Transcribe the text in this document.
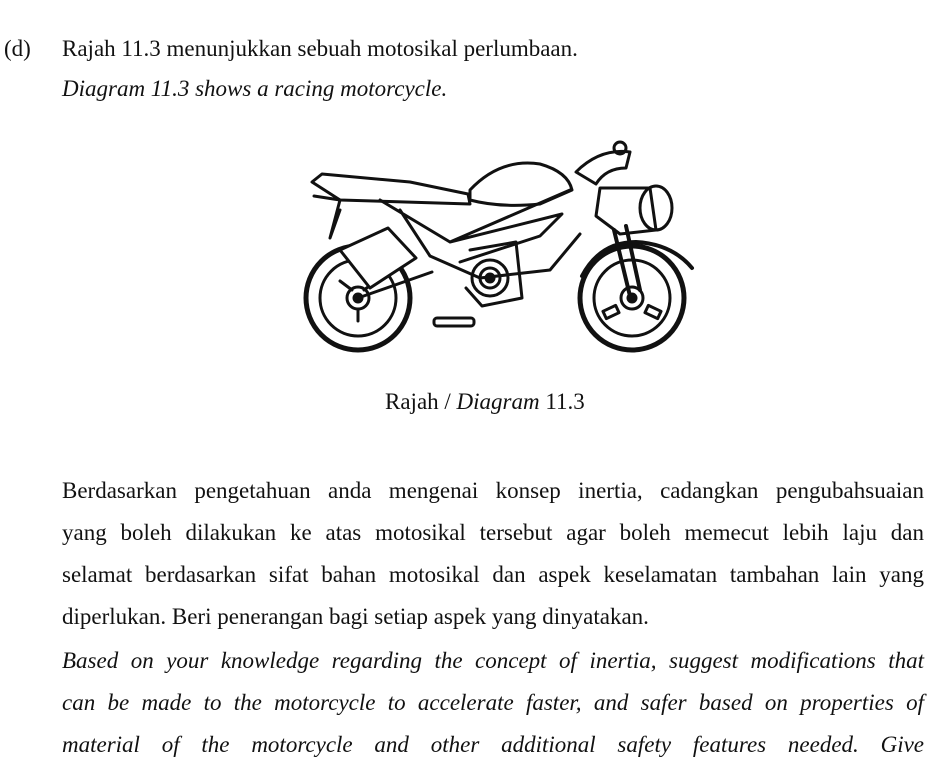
(d) Rajah 11.3 menunjukkan sebuah motosikal perlumbaan.
Diagram 11.3 shows a racing motorcycle.
Rajah / Diagram 11.3
Berdasarkan pengetahuan anda mengenai konsep inertia, cadangkan pengubahsuaian
yang boleh dilakukan ke atas motosikal tersebut agar boleh memecut lebih laju dan
selamat berdasarkan sifat bahan motosikal dan aspek keselamatan tambahan lain yang
diperlukan. Beri penerangan bagi setiap aspek yang dinyatakan.
Based on your knowledge regarding the concept of inertia, suggest modifications that
can be made to the motorcycle to accelerate faster, and safer based on properties of
material of the motorcycle and other additional safety features needed. Give
